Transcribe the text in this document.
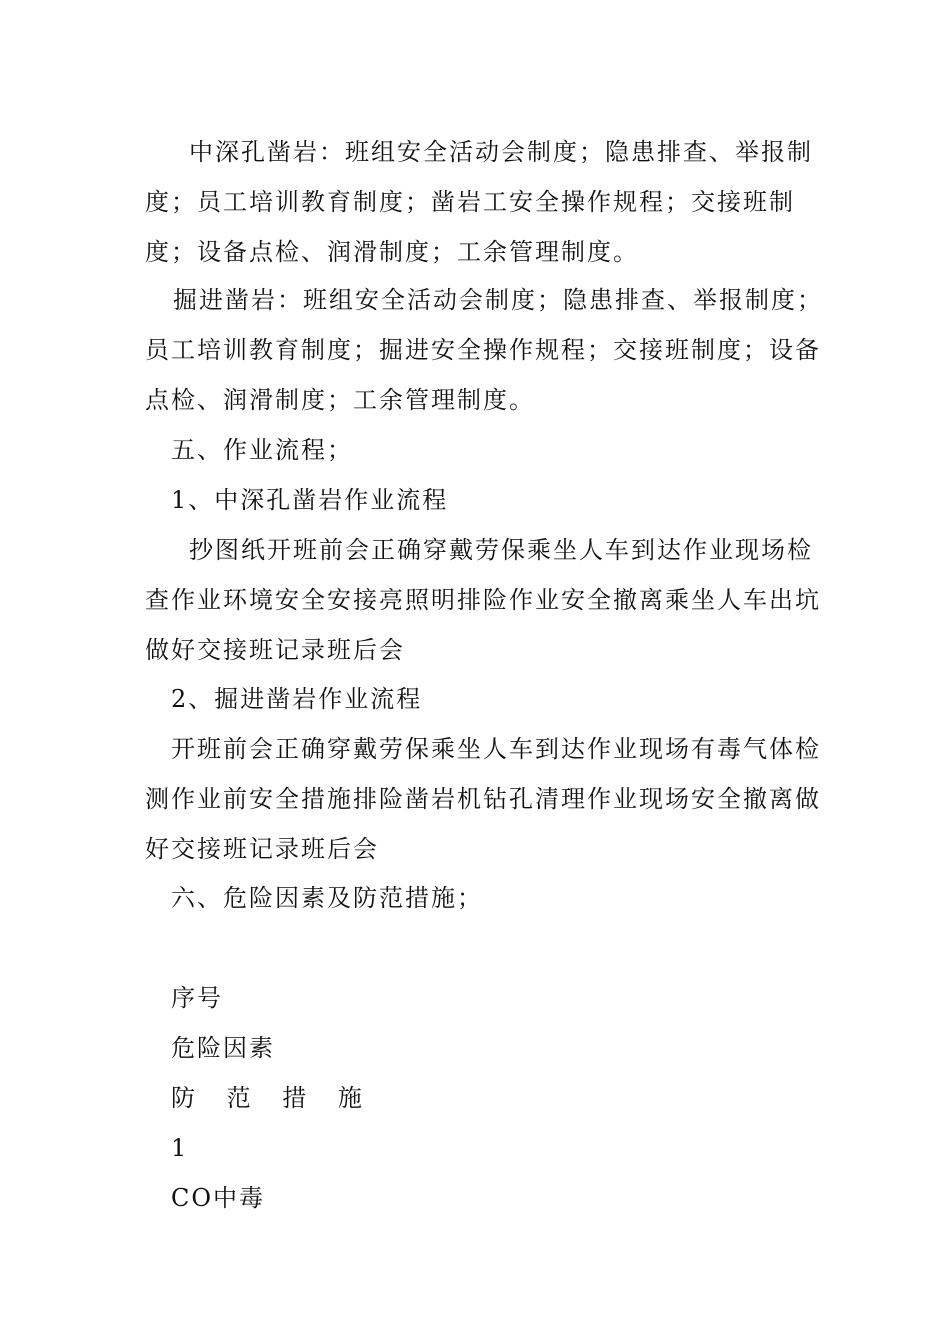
中深孔凿岩：班组安全活动会制度；隐患排查、举报制度；员工培训教育制度；凿岩工安全操作规程；交接班制度；设备点检、润滑制度；工余管理制度。

掘进凿岩：班组安全活动会制度；隐患排查、举报制度；员工培训教育制度；掘进安全操作规程；交接班制度；设备点检、润滑制度；工余管理制度。

五、作业流程；

1、中深孔凿岩作业流程

抄图纸开班前会正确穿戴劳保乘坐人车到达作业现场检查作业环境安全安接亮照明排险作业安全撤离乘坐人车出坑做好交接班记录班后会

2、掘进凿岩作业流程

开班前会正确穿戴劳保乘坐人车到达作业现场有毒气体检测作业前安全措施排险凿岩机钻孔清理作业现场安全撤离做好交接班记录班后会

六、危险因素及防范措施；

序号

危险因素

防 范 措 施

1

CO中毒
